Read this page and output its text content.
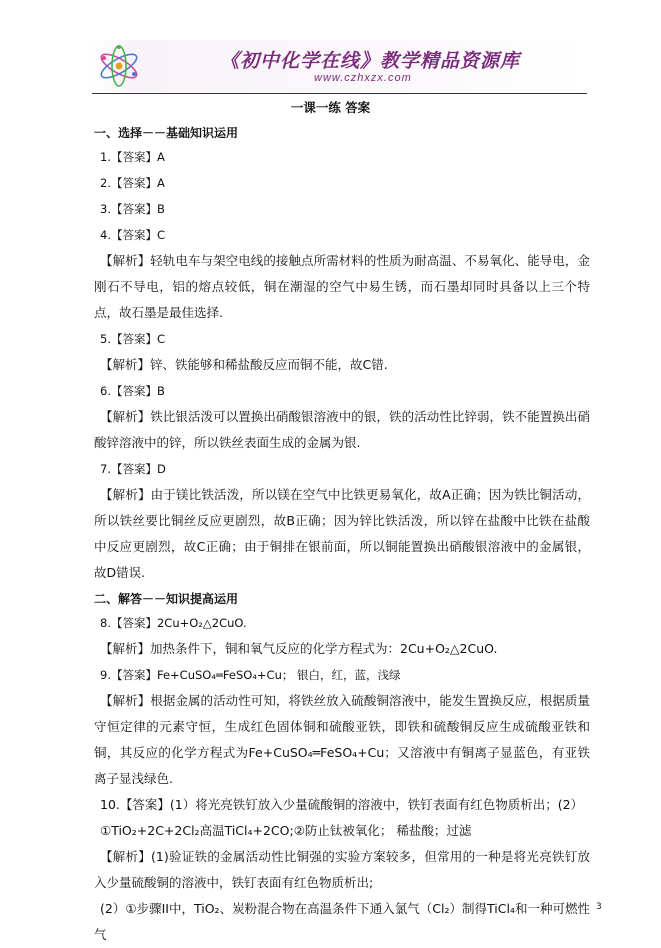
《初中化学在线》教学精品资源库
www.czhxzx.com
一课一练 答案
一、选择－－基础知识运用
1.【答案】A
2.【答案】A
3.【答案】B
4.【答案】C
【解析】轻轨电车与架空电线的接触点所需材料的性质为耐高温、不易氧化、能导电，金刚石不导电，铝的熔点较低，铜在潮湿的空气中易生锈，而石墨却同时具备以上三个特点，故石墨是最佳选择.
5.【答案】C
【解析】锌、铁能够和稀盐酸反应而铜不能，故C错.
6.【答案】B
【解析】铁比银活泼可以置换出硝酸银溶液中的银，铁的活动性比锌弱，铁不能置换出硝酸锌溶液中的锌，所以铁丝表面生成的金属为银.
7.【答案】D
【解析】由于镁比铁活泼，所以镁在空气中比铁更易氧化，故A正确；因为铁比铜活动，所以铁丝要比铜丝反应更剧烈，故B正确；因为锌比铁活泼，所以锌在盐酸中比铁在盐酸中反应更剧烈，故C正确；由于铜排在银前面，所以铜能置换出硝酸银溶液中的金属银，故D错误.
二、解答－－知识提高运用
8.【答案】2Cu+O₂△2CuO.
【解析】加热条件下，铜和氧气反应的化学方程式为：2Cu+O₂△2CuO.
9.【答案】Fe+CuSO₄═FeSO₄+Cu； 银白，红，蓝，浅绿
【解析】根据金属的活动性可知，将铁丝放入硫酸铜溶液中，能发生置换反应，根据质量守恒定律的元素守恒，生成红色固体铜和硫酸亚铁，即铁和硫酸铜反应生成硫酸亚铁和铜，其反应的化学方程式为Fe+CuSO₄═FeSO₄+Cu；又溶液中有铜离子显蓝色，有亚铁离子显浅绿色.
10.【答案】(1）将光亮铁钉放入少量硫酸铜的溶液中，铁钉表面有红色物质析出；(2）
①TiO₂+2C+2Cl₂高温TiCl₄+2CO;②防止钛被氧化； 稀盐酸；过滤
【解析】(1)验证铁的金属活动性比铜强的实验方案较多，但常用的一种是将光亮铁钉放入少量硫酸铜的溶液中，铁钉表面有红色物质析出;
(2）①步骤II中，TiO₂、炭粉混合物在高温条件下通入氯气（Cl₂）制得TiCl₄和一种可燃性气
3
